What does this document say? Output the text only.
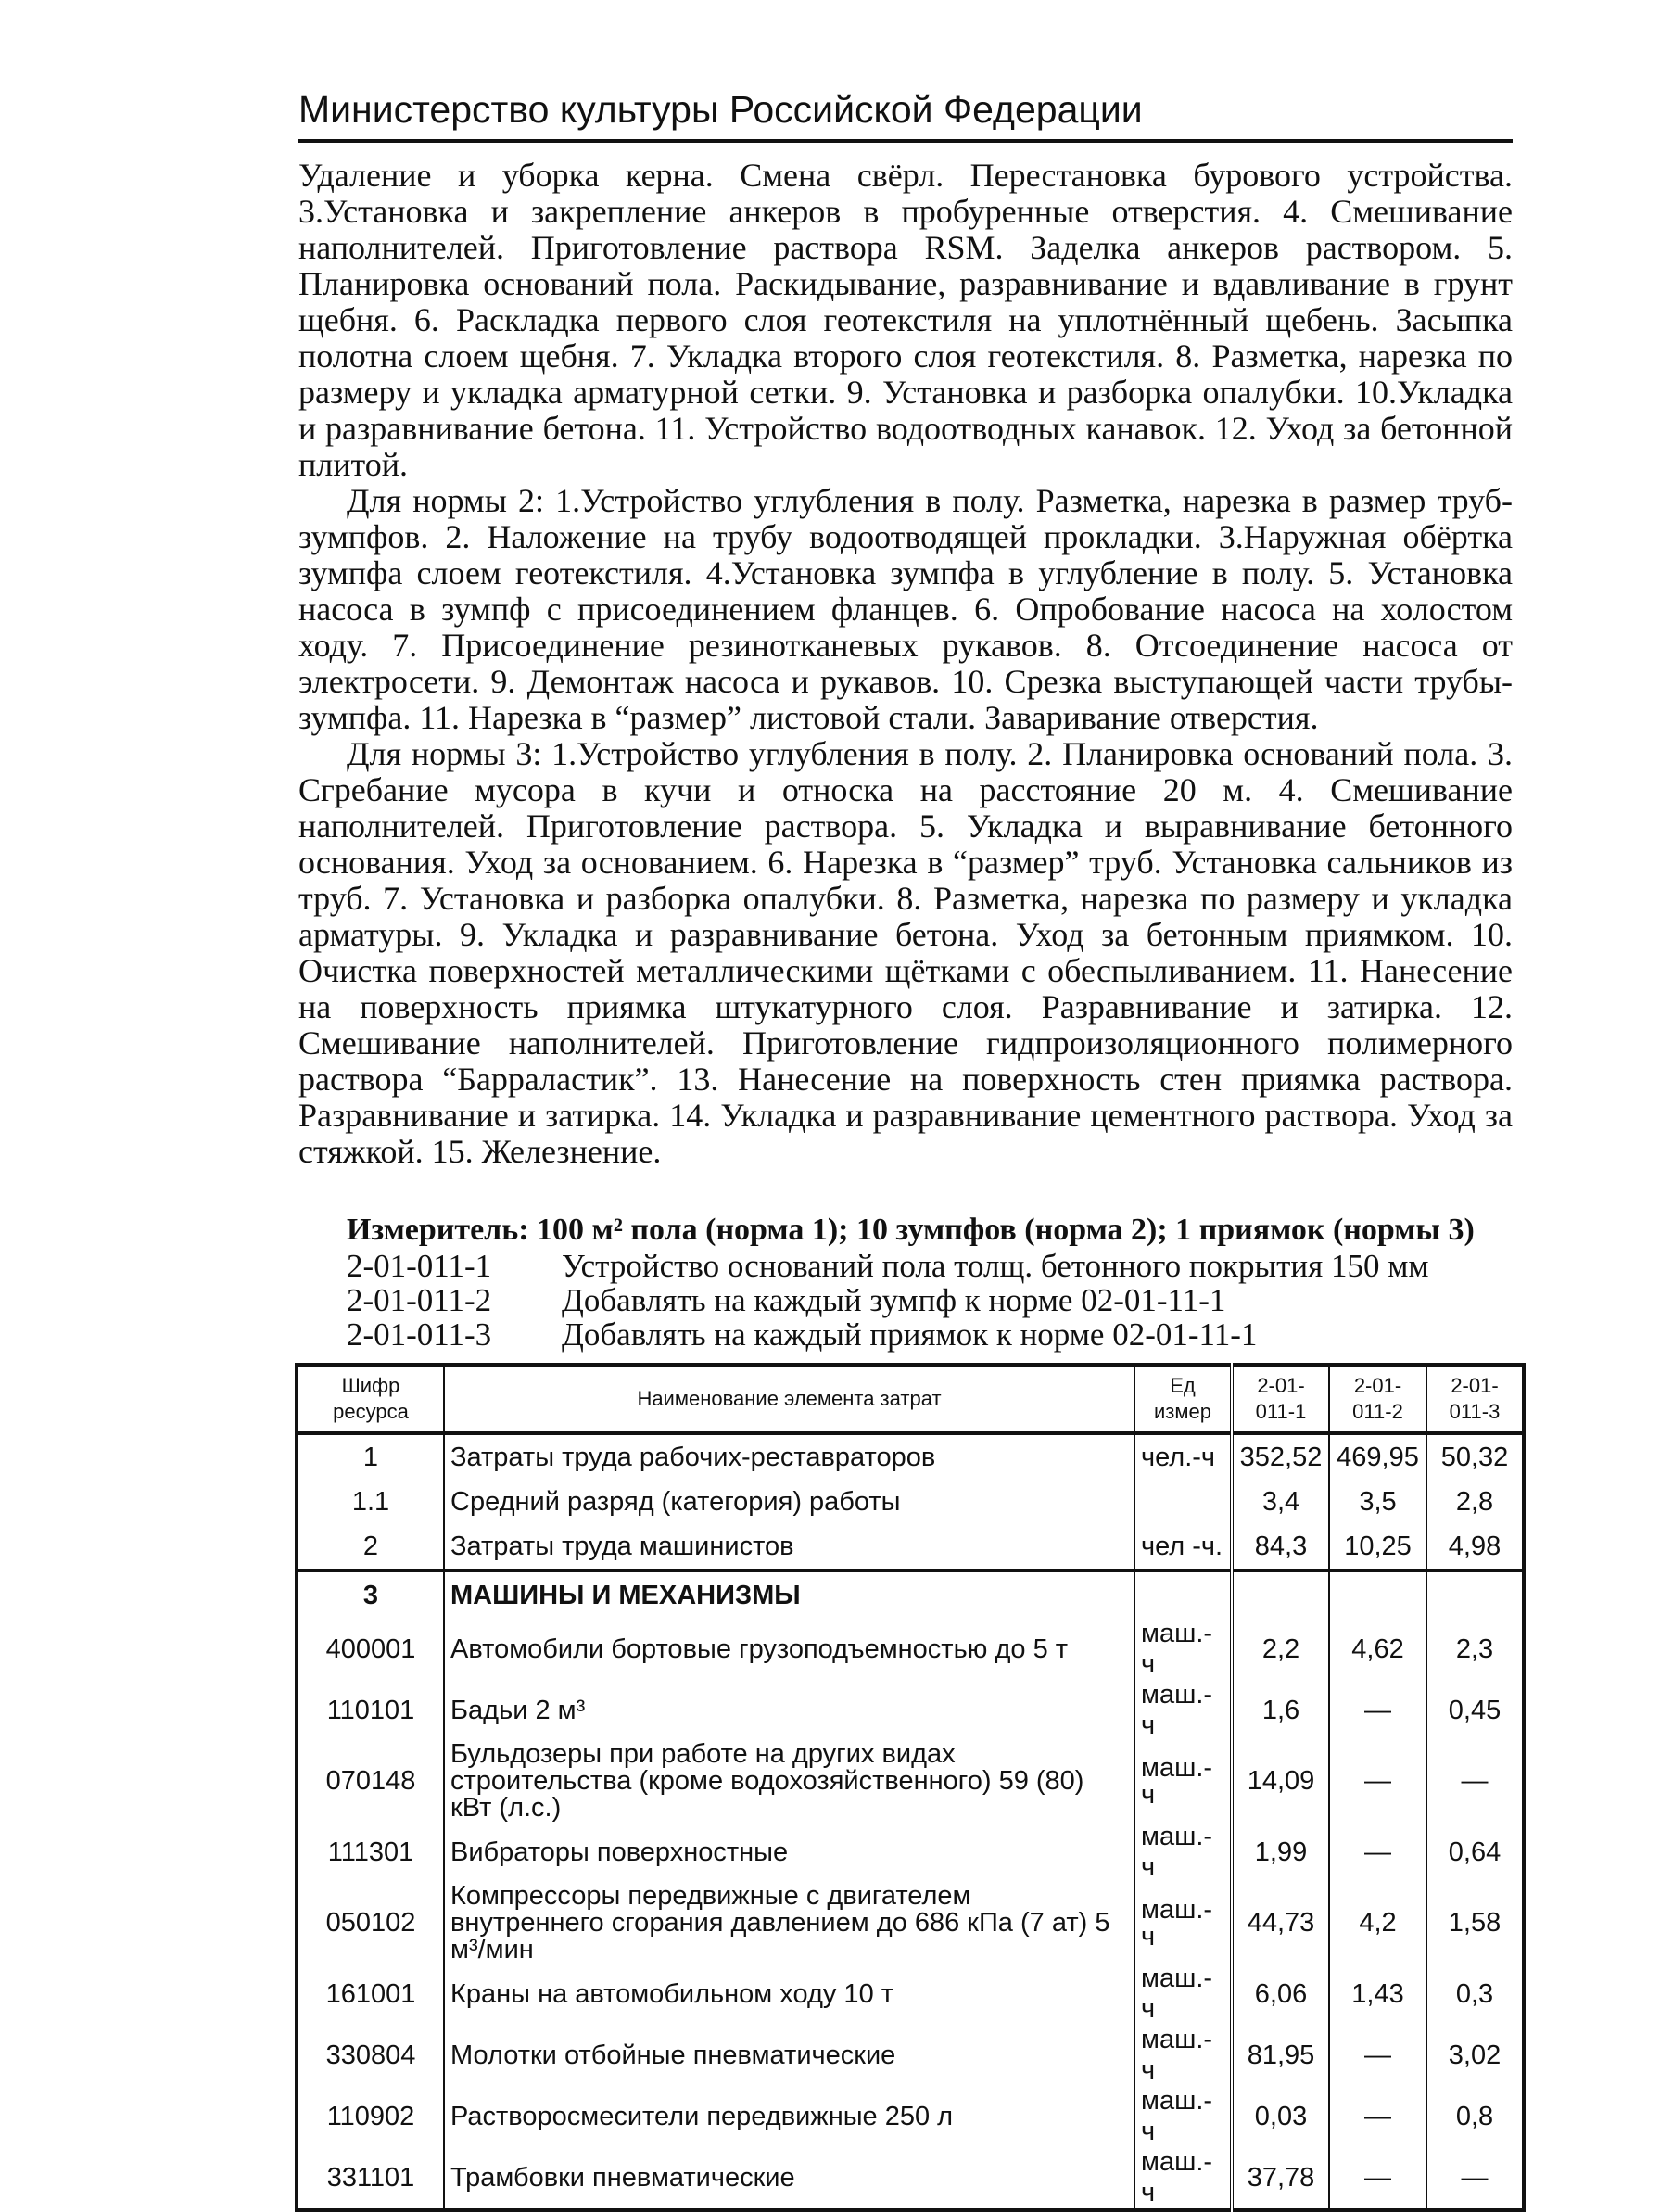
Министерство культуры Российской Федерации

Удаление и уборка керна. Смена свёрл. Перестановка бурового устройства. 3.Установка и закрепление анкеров в пробуренные отверстия. 4. Смешивание наполнителей. Приготовление раствора RSM. Заделка анкеров раствором. 5. Планировка оснований пола. Раскидывание, разравнивание и вдавливание в грунт щебня. 6. Раскладка первого слоя геотекстиля на уплотнённый щебень. Засыпка полотна слоем щебня. 7. Укладка второго слоя геотекстиля. 8. Разметка, нарезка по размеру и укладка арматурной сетки. 9. Установка и разборка опалубки. 10.Укладка и разравнивание бетона. 11. Устройство водоотводных канавок. 12. Уход за бетонной плитой.

Для нормы 2: 1.Устройство углубления в полу. Разметка, нарезка в размер труб-зумпфов. 2. Наложение на трубу водоотводящей прокладки. 3.Наружная обёртка зумпфа слоем геотекстиля. 4.Установка зумпфа в углубление в полу. 5. Установка насоса в зумпф с присоединением фланцев. 6. Опробование насоса на холостом ходу. 7. Присоединение резинотканевых рукавов. 8. Отсоединение насоса от электросети. 9. Демонтаж насоса и рукавов. 10. Срезка выступающей части трубы-зумпфа. 11. Нарезка в “размер” листовой стали. Заваривание отверстия.

Для нормы 3: 1.Устройство углубления в полу. 2. Планировка оснований пола. 3. Сгребание мусора в кучи и относка на расстояние 20 м. 4. Смешивание наполнителей. Приготовление раствора. 5. Укладка и выравнивание бетонного основания. Уход за основанием. 6. Нарезка в “размер” труб. Установка сальников из труб. 7. Установка и разборка опалубки. 8. Разметка, нарезка по размеру и укладка арматуры. 9. Укладка и разравнивание бетона. Уход за бетонным приямком. 10. Очистка поверхностей металлическими щётками с обеспыливанием. 11. Нанесение на поверхность приямка штукатурного слоя. Разравнивание и затирка. 12. Смешивание наполнителей. Приготовление гидпроизоляционного полимерного раствора “Барраластик”. 13. Нанесение на поверхность стен приямка раствора. Разравнивание и затирка. 14. Укладка и разравнивание цементного раствора. Уход за стяжкой. 15. Железнение.

Измеритель: 100 м² пола (норма 1); 10 зумпфов (норма 2); 1 приямок (нормы 3)
2-01-011-1	Устройство оснований пола толщ. бетонного покрытия 150 мм
2-01-011-2	Добавлять на каждый зумпф к норме 02-01-11-1
2-01-011-3	Добавлять на каждый приямок к норме 02-01-11-1
Шифр ресурса	Наименование элемента затрат	Ед измер	2-01-011-1	2-01-011-2	2-01-011-3
1	Затраты труда рабочих-реставраторов	чел.-ч	352,52	469,95	50,32
1.1	Средний разряд (категория) работы		3,4	3,5	2,8
2	Затраты труда машинистов	чел -ч.	84,3	10,25	4,98
3	МАШИНЫ И МЕХАНИЗМЫ				
400001	Автомобили бортовые грузоподъемностью до 5 т	маш.-ч	2,2	4,62	2,3
110101	Бадьи 2 м³	маш.-ч	1,6	—	0,45
070148	Бульдозеры при работе на других видах строительства (кроме водохозяйственного) 59 (80) кВт (л.с.)	маш.-ч	14,09	—	—
111301	Вибраторы поверхностные	маш.-ч	1,99	—	0,64
050102	Компрессоры передвижные с двигателем внутреннего сгорания давлением до 686 кПа (7 ат) 5 м³/мин	маш.-ч	44,73	4,2	1,58
161001	Краны на автомобильном ходу 10 т	маш.-ч	6,06	1,43	0,3
330804	Молотки отбойные пневматические	маш.-ч	81,95	—	3,02
110902	Растворосмесители передвижные 250 л	маш.-ч	0,03	—	0,8
331101	Трамбовки пневматические	маш.-ч	37,78	—	—
